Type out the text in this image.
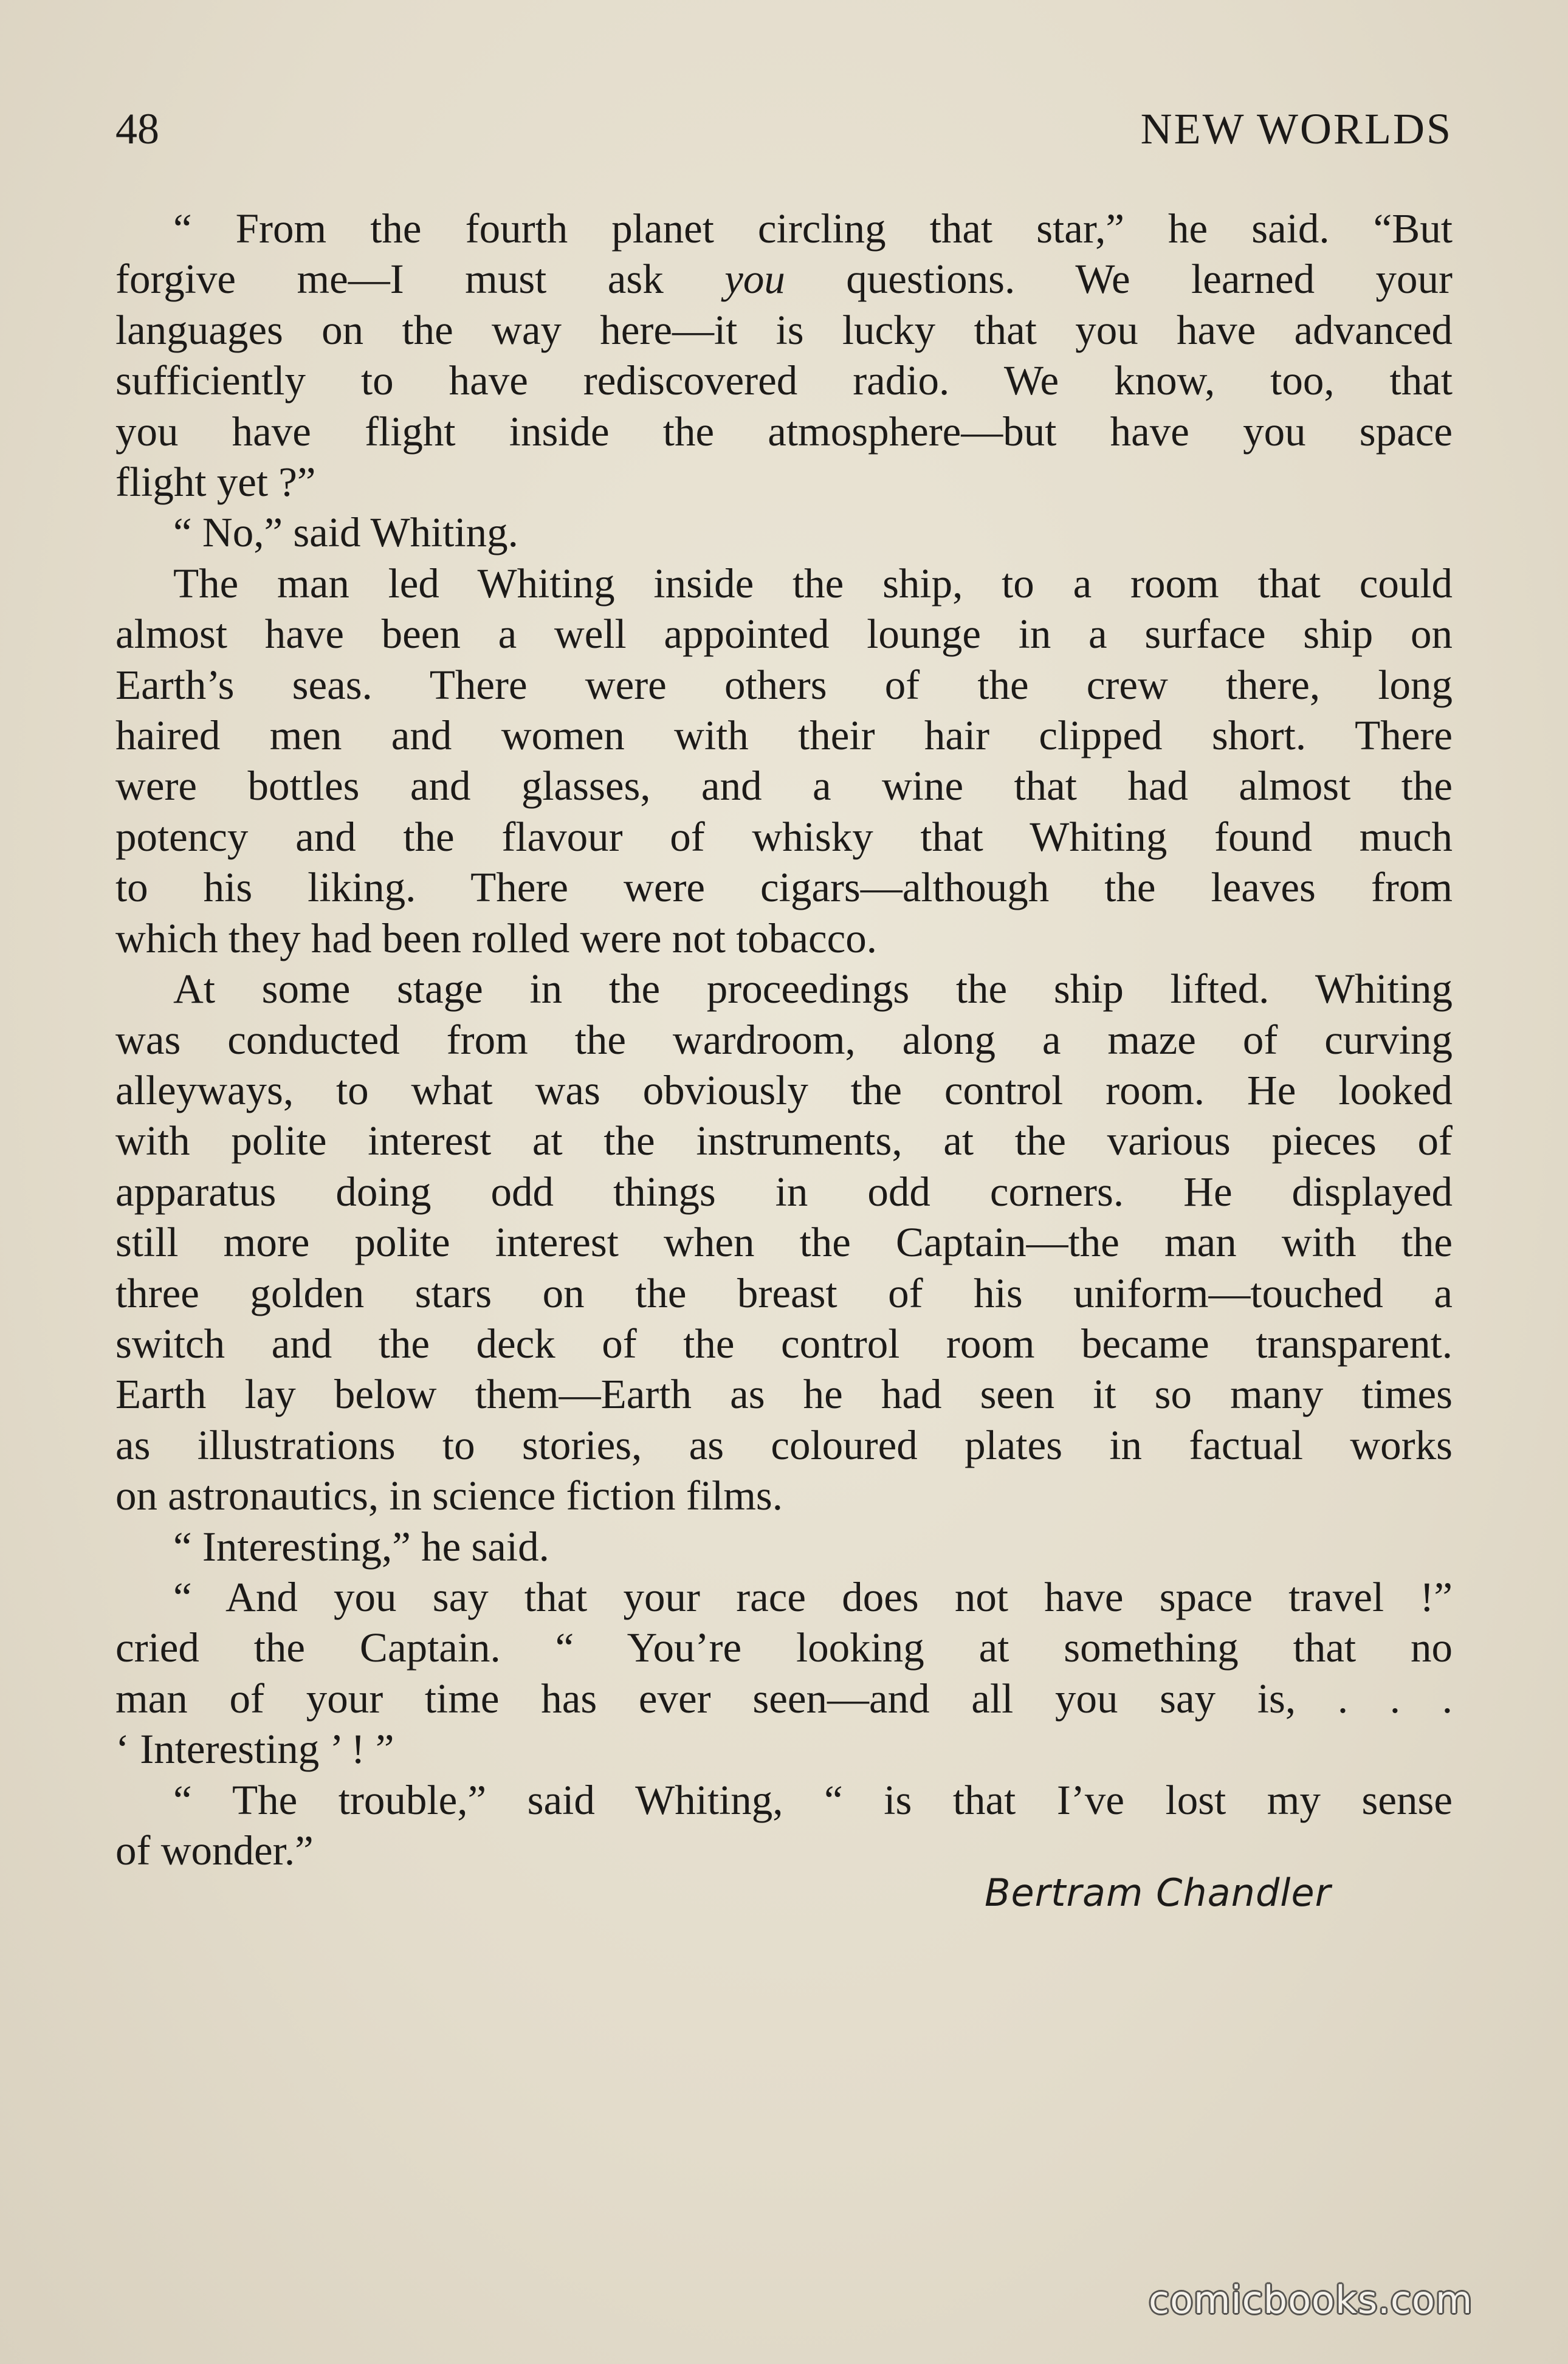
48	NEW WORLDS

“ From the fourth planet circling that star,” he said. “But
forgive me—I must ask you questions. We learned your
languages on the way here—it is lucky that you have advanced
sufficiently to have rediscovered radio. We know, too, that
you have flight inside the atmosphere—but have you space
flight yet ?”

“ No,” said Whiting.

The man led Whiting inside the ship, to a room that could
almost have been a well appointed lounge in a surface ship on
Earth’s seas. There were others of the crew there, long
haired men and women with their hair clipped short. There
were bottles and glasses, and a wine that had almost the
potency and the flavour of whisky that Whiting found much
to his liking. There were cigars—although the leaves from
which they had been rolled were not tobacco.

At some stage in the proceedings the ship lifted. Whiting
was conducted from the wardroom, along a maze of curving
alleyways, to what was obviously the control room. He looked
with polite interest at the instruments, at the various pieces of
apparatus doing odd things in odd corners. He displayed
still more polite interest when the Captain—the man with the
three golden stars on the breast of his uniform—touched a
switch and the deck of the control room became transparent.
Earth lay below them—Earth as he had seen it so many times
as illustrations to stories, as coloured plates in factual works
on astronautics, in science fiction films.

“ Interesting,” he said.

“ And you say that your race does not have space travel !”
cried the Captain. “ You’re looking at something that no
man of your time has ever seen—and all you say is, . . .
‘ Interesting ’ ! ”

“ The trouble,” said Whiting, “ is that I’ve lost my sense
of wonder.”

Bertram Chandler
comicbooks.com
